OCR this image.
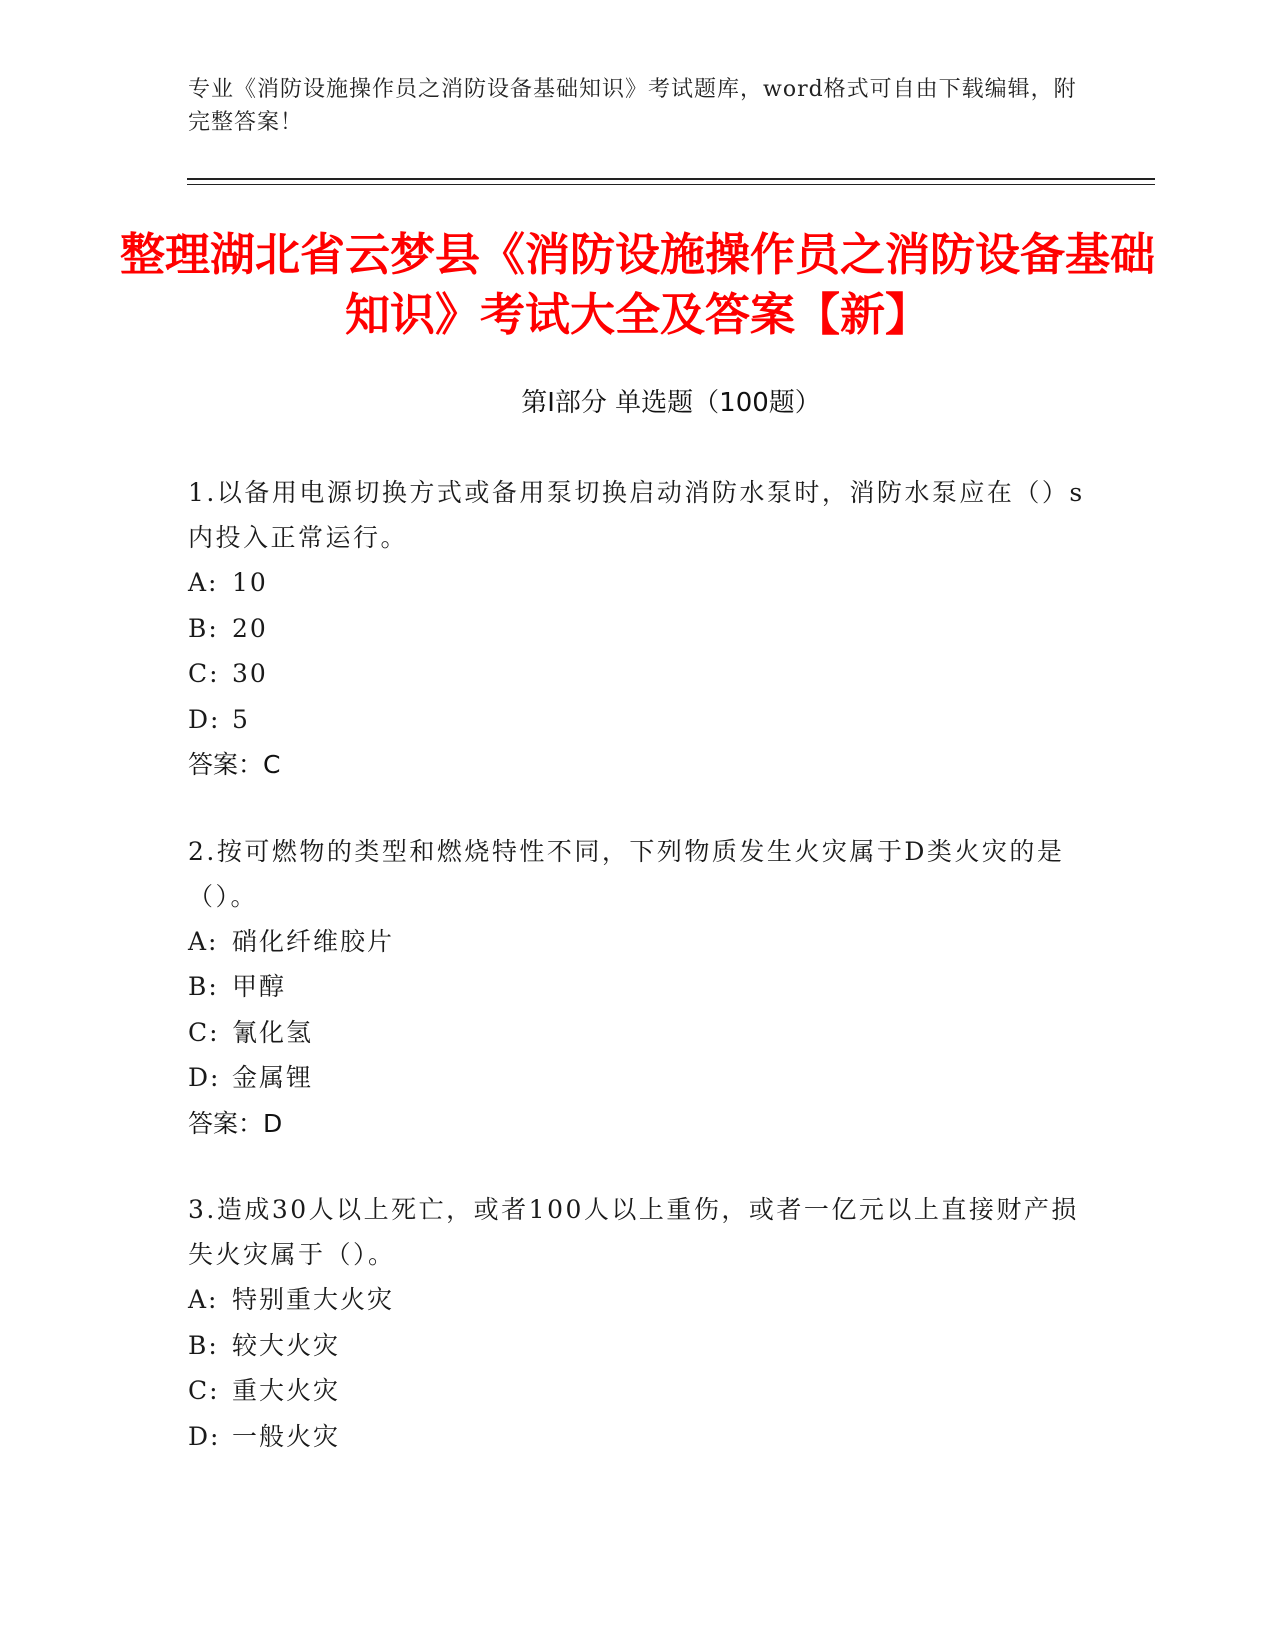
专业《消防设施操作员之消防设备基础知识》考试题库，word格式可自由下载编辑，附完整答案！
整理湖北省云梦县《消防设施操作员之消防设备基础知识》考试大全及答案【新】
第I部分 单选题（100题）
1.以备用电源切换方式或备用泵切换启动消防水泵时，消防水泵应在（）s内投入正常运行。
A: 10
B: 20
C: 30
D: 5
答案：C
2.按可燃物的类型和燃烧特性不同，下列物质发生火灾属于D类火灾的是（）。
A: 硝化纤维胶片
B: 甲醇
C: 氰化氢
D: 金属锂
答案：D
3.造成30人以上死亡，或者100人以上重伤，或者一亿元以上直接财产损失火灾属于（）。
A: 特别重大火灾
B: 较大火灾
C: 重大火灾
D: 一般火灾
